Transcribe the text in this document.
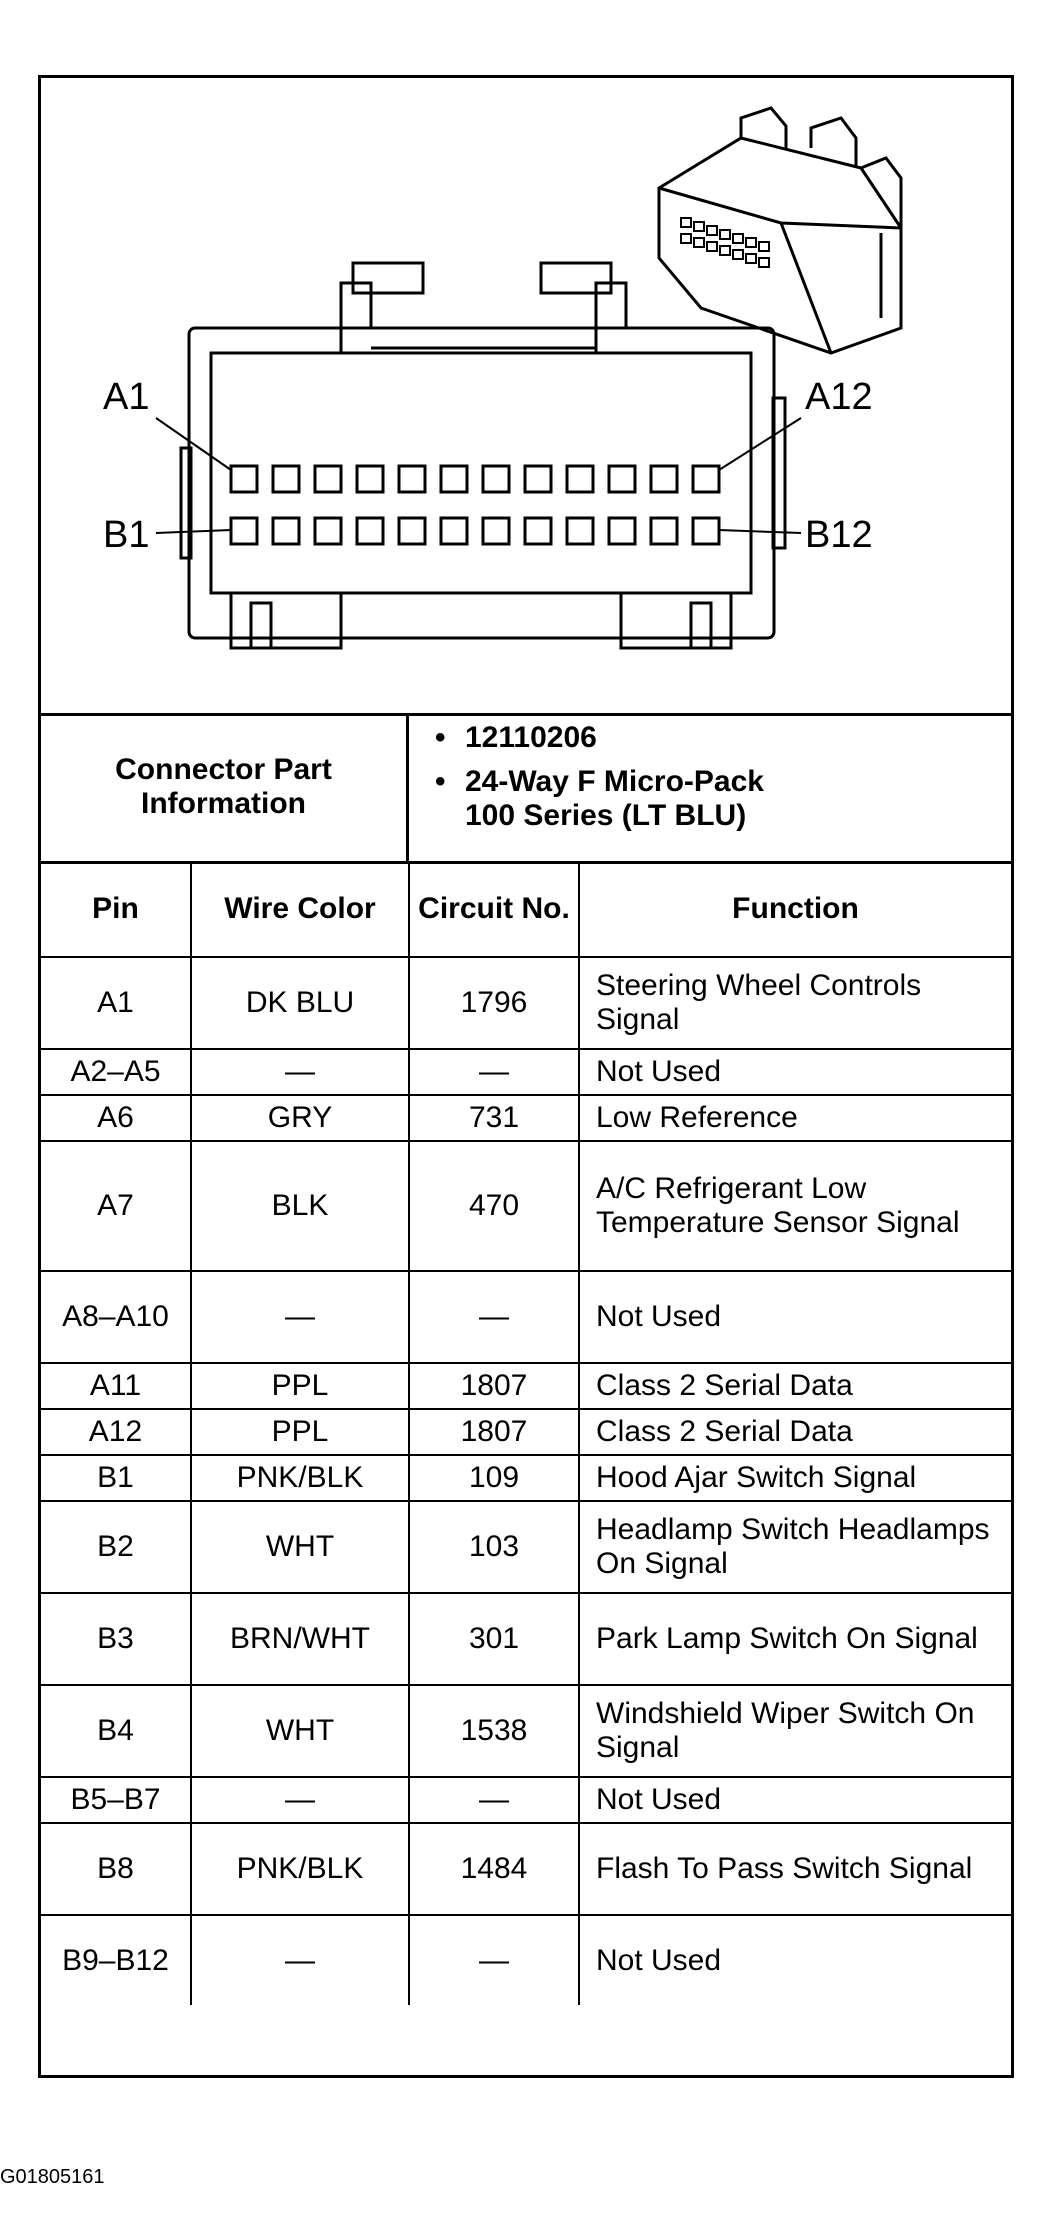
A1
B1
A12
B12
Connector Part Information
• 12110206
• 24-Way F Micro-Pack
100 Series (LT BLU)
Pin	Wire Color	Circuit No.	Function
A1	DK BLU	1796	Steering Wheel Controls Signal
A2–A5	—	—	Not Used
A6	GRY	731	Low Reference
A7	BLK	470	A/C Refrigerant Low Temperature Sensor Signal
A8–A10	—	—	Not Used
A11	PPL	1807	Class 2 Serial Data
A12	PPL	1807	Class 2 Serial Data
B1	PNK/BLK	109	Hood Ajar Switch Signal
B2	WHT	103	Headlamp Switch Headlamps On Signal
B3	BRN/WHT	301	Park Lamp Switch On Signal
B4	WHT	1538	Windshield Wiper Switch On Signal
B5–B7	—	—	Not Used
B8	PNK/BLK	1484	Flash To Pass Switch Signal
B9–B12	—	—	Not Used
G01805161
